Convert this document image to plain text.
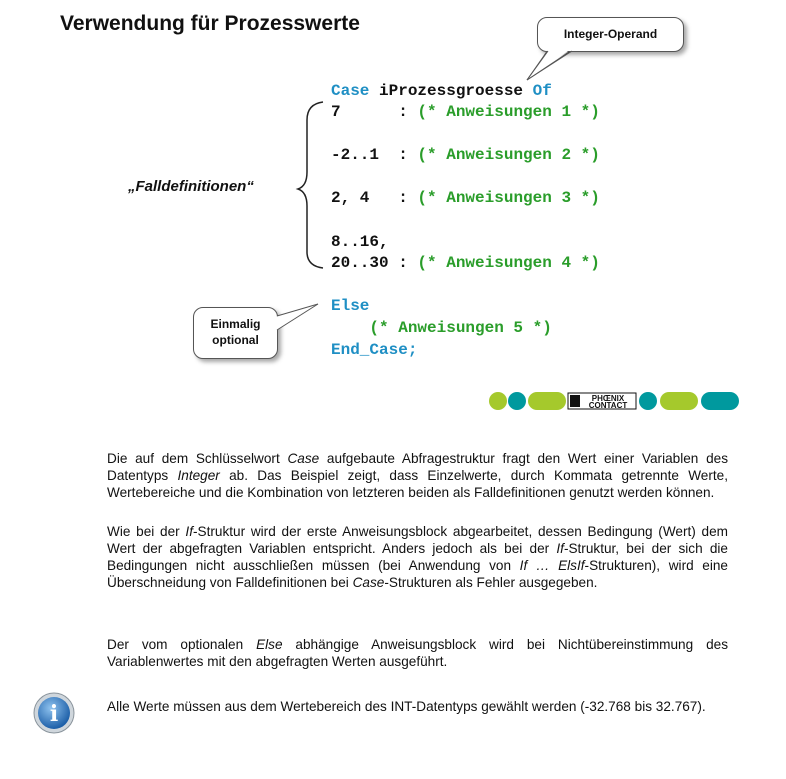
Verwendung für Prozesswerte	Integer-Operand
„Falldefinitionen“
Case iProzessgroesse Of
7      : (* Anweisungen 1 *)
-2..1  : (* Anweisungen 2 *)
2, 4   : (* Anweisungen 3 *)
8..16,
20..30 : (* Anweisungen 4 *)
Else
(* Anweisungen 5 *)
End_Case;
Einmalig
optional
PHŒNIX
CONTACT
Die auf dem Schlüsselwort Case aufgebaute Abfragestruktur fragt den Wert einer Variablen des Datentyps Integer ab. Das Beispiel zeigt, dass Einzelwerte, durch Kommata getrennte Werte, Wertebereiche und die Kombination von letzteren beiden als Falldefinitionen genutzt werden können.
Wie bei der If-Struktur wird der erste Anweisungsblock abgearbeitet, dessen Bedingung (Wert) dem Wert der abgefragten Variablen entspricht. Anders jedoch als bei der If-Struktur, bei der sich die Bedingungen nicht ausschließen müssen (bei Anwendung von If … ElsIf-Strukturen), wird eine Überschneidung von Falldefinitionen bei Case-Strukturen als Fehler ausgegeben.
Der vom optionalen Else abhängige Anweisungsblock wird bei Nichtübereinstimmung des Variablenwertes mit den abgefragten Werten ausgeführt.
i	Alle Werte müssen aus dem Wertebereich des INT-Datentyps gewählt werden (-32.768 bis 32.767).
